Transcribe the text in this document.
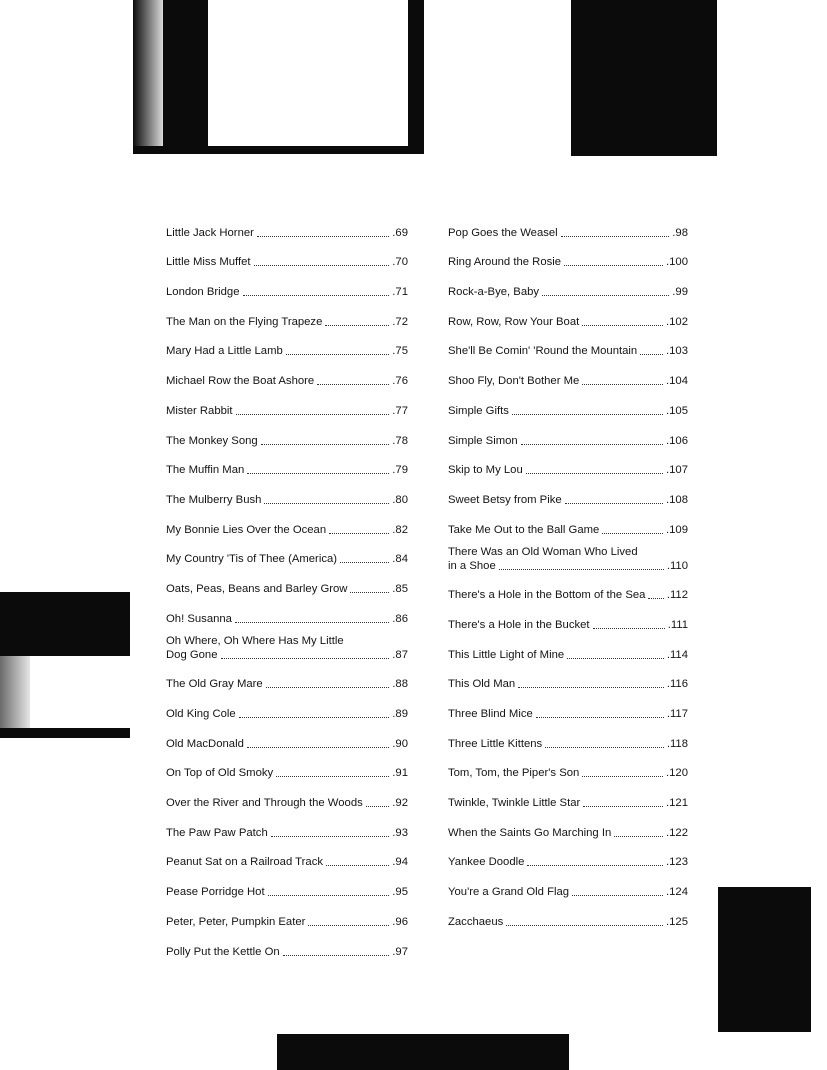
Little Jack Horner	.69
Little Miss Muffet	.70
London Bridge	.71
The Man on the Flying Trapeze	.72
Mary Had a Little Lamb	.75
Michael Row the Boat Ashore	.76
Mister Rabbit	.77
The Monkey Song	.78
The Muffin Man	.79
The Mulberry Bush	.80
My Bonnie Lies Over the Ocean	.82
My Country 'Tis of Thee (America)	.84
Oats, Peas, Beans and Barley Grow	.85
Oh! Susanna	.86
Oh Where, Oh Where Has My Little
Dog Gone	.87
The Old Gray Mare	.88
Old King Cole	.89
Old MacDonald	.90
On Top of Old Smoky	.91
Over the River and Through the Woods	.92
The Paw Paw Patch	.93
Peanut Sat on a Railroad Track	.94
Pease Porridge Hot	.95
Peter, Peter, Pumpkin Eater	.96
Polly Put the Kettle On	.97
Pop Goes the Weasel	.98
Ring Around the Rosie	.100
Rock-a-Bye, Baby	.99
Row, Row, Row Your Boat	.102
She'll Be Comin' 'Round the Mountain	.103
Shoo Fly, Don't Bother Me	.104
Simple Gifts	.105
Simple Simon	.106
Skip to My Lou	.107
Sweet Betsy from Pike	.108
Take Me Out to the Ball Game	.109
There Was an Old Woman Who Lived
in a Shoe	.110
There's a Hole in the Bottom of the Sea .112
There's a Hole in the Bucket	.111
This Little Light of Mine	.114
This Old Man	.116
Three Blind Mice	.117
Three Little Kittens	.118
Tom, Tom, the Piper's Son	.120
Twinkle, Twinkle Little Star	.121
When the Saints Go Marching In	.122
Yankee Doodle	.123
You're a Grand Old Flag	.124
Zacchaeus	.125
